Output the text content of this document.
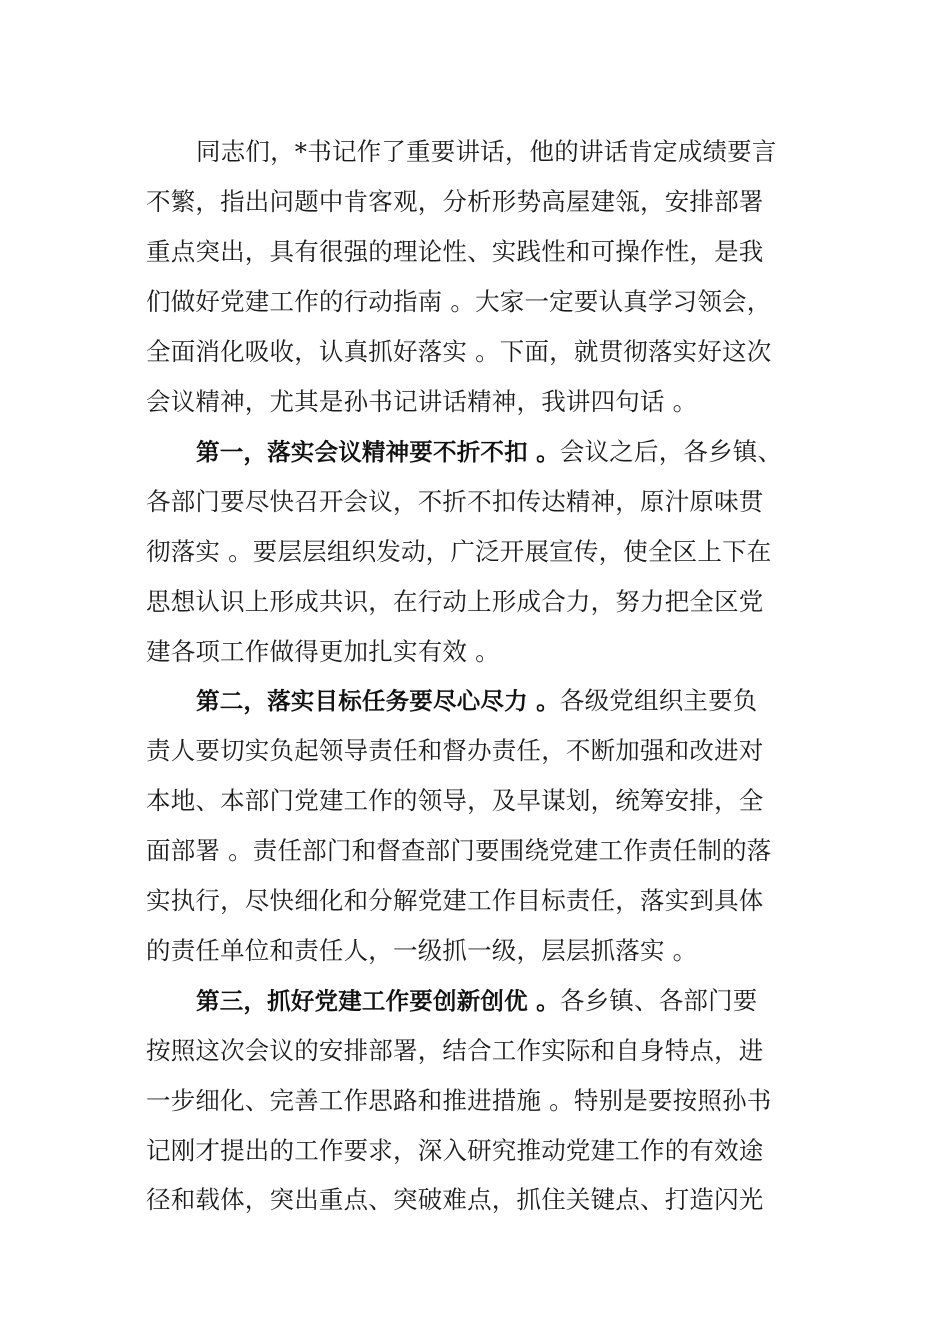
同志们，*书记作了重要讲话，他的讲话肯定成绩要言
不繁，指出问题中肯客观，分析形势高屋建瓴，安排部署
重点突出，具有很强的理论性、实践性和可操作性，是我
们做好党建工作的行动指南 。大家一定要认真学习领会，
全面消化吸收，认真抓好落实 。下面，就贯彻落实好这次
会议精神，尤其是孙书记讲话精神，我讲四句话 。
第一，落实会议精神要不折不扣 。会议之后，各乡镇、
各部门要尽快召开会议，不折不扣传达精神，原汁原味贯
彻落实 。要层层组织发动，广泛开展宣传，使全区上下在
思想认识上形成共识，在行动上形成合力，努力把全区党
建各项工作做得更加扎实有效 。
第二，落实目标任务要尽心尽力 。各级党组织主要负
责人要切实负起领导责任和督办责任，不断加强和改进对
本地、本部门党建工作的领导，及早谋划，统筹安排，全
面部署 。责任部门和督查部门要围绕党建工作责任制的落
实执行，尽快细化和分解党建工作目标责任，落实到具体
的责任单位和责任人，一级抓一级，层层抓落实 。
第三，抓好党建工作要创新创优 。各乡镇、各部门要
按照这次会议的安排部署，结合工作实际和自身特点，进
一步细化、完善工作思路和推进措施 。特别是要按照孙书
记刚才提出的工作要求，深入研究推动党建工作的有效途
径和载体，突出重点、突破难点，抓住关键点、打造闪光
